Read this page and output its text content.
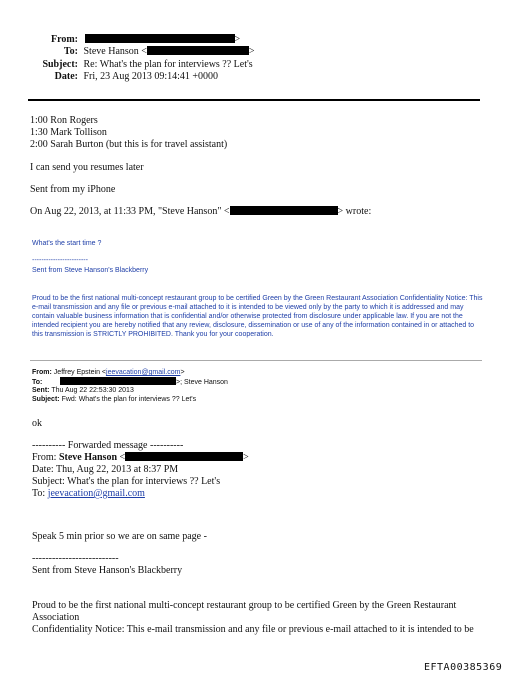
From:	>
To: Steve Hanson <	>
Subject: Re: What's the plan for interviews ?? Let's
Date: Fri, 23 Aug 2013 09:14:41 +0000
1:00 Ron Rogers
1:30 Mark Tollison
2:00 Sarah Burton (but this is for travel assistant)
I can send you resumes later
Sent from my iPhone
On Aug 22, 2013, at 11:33 PM, "Steve Hanson" <	> wrote:
What's the start time ?
------------------------
Sent from Steve Hanson's Blackberry
Proud to be the first national multi-concept restaurant group to be certified Green by the Green Restaurant Association Confidentiality Notice: This e-mail transmission and any file or previous e-mail attached to it is intended to be viewed only by the party to which it is addressed and may contain valuable business information that is confidential and/or otherwise protected from disclosure under applicable law. If you are not the intended recipient you are hereby notified that any review, disclosure, dissemination or use of any of the information contained in or attached to this transmission is STRICTLY PROHIBITED. Thank you for your cooperation.
From: Jeffrey Epstein <jeevacation@gmail.com>
To:	>; Steve Hanson
Sent: Thu Aug 22 22:53:30 2013
Subject: Fwd: What's the plan for interviews ?? Let's
ok
---------- Forwarded message ----------
From: Steve Hanson <	>
Date: Thu, Aug 22, 2013 at 8:37 PM
Subject: What's the plan for interviews ?? Let's
To: jeevacation@gmail.com
Speak 5 min prior so we are on same page -
--------------------------
Sent from Steve Hanson's Blackberry
Proud to be the first national multi-concept restaurant group to be certified Green by the Green Restaurant
Association
Confidentiality Notice: This e-mail transmission and any file or previous e-mail attached to it is intended to be
EFTA00385369
